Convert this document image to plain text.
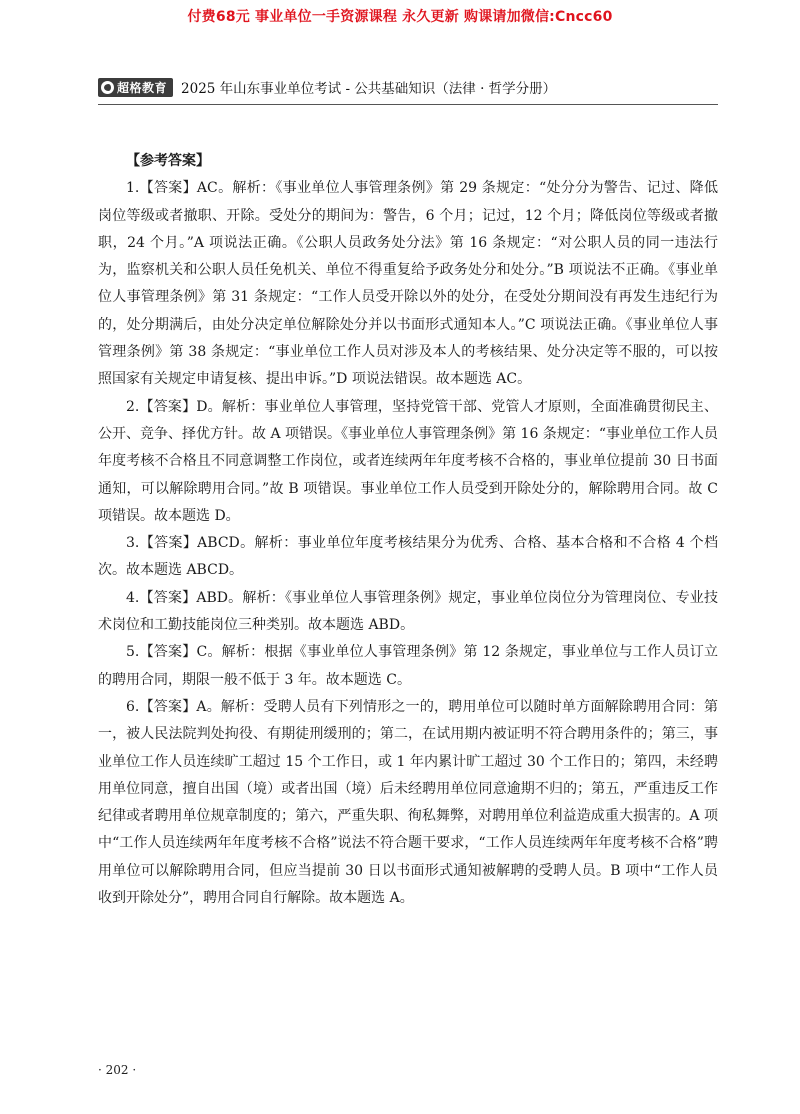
付费68元 事业单位一手资源课程 永久更新 购课请加微信:Cncc60
超格教育 2025 年山东事业单位考试 - 公共基础知识（法律 · 哲学分册）

【参考答案】

1.【答案】AC。解析：《事业单位人事管理条例》第 29 条规定：“处分分为警告、记过、降低岗位等级或者撤职、开除。受处分的期间为：警告，6 个月；记过，12 个月；降低岗位等级或者撤职，24 个月。”A 项说法正确。《公职人员政务处分法》第 16 条规定：“对公职人员的同一违法行为，监察机关和公职人员任免机关、单位不得重复给予政务处分和处分。”B 项说法不正确。《事业单位人事管理条例》第 31 条规定：“工作人员受开除以外的处分，在受处分期间没有再发生违纪行为的，处分期满后，由处分决定单位解除处分并以书面形式通知本人。”C 项说法正确。《事业单位人事管理条例》第 38 条规定：“事业单位工作人员对涉及本人的考核结果、处分决定等不服的，可以按照国家有关规定申请复核、提出申诉。”D 项说法错误。故本题选 AC。

2.【答案】D。解析：事业单位人事管理，坚持党管干部、党管人才原则，全面准确贯彻民主、公开、竞争、择优方针。故 A 项错误。《事业单位人事管理条例》第 16 条规定：“事业单位工作人员年度考核不合格且不同意调整工作岗位，或者连续两年年度考核不合格的，事业单位提前 30 日书面通知，可以解除聘用合同。”故 B 项错误。事业单位工作人员受到开除处分的，解除聘用合同。故 C 项错误。故本题选 D。

3.【答案】ABCD。解析：事业单位年度考核结果分为优秀、合格、基本合格和不合格 4 个档次。故本题选 ABCD。

4.【答案】ABD。解析：《事业单位人事管理条例》规定，事业单位岗位分为管理岗位、专业技术岗位和工勤技能岗位三种类别。故本题选 ABD。

5.【答案】C。解析：根据《事业单位人事管理条例》第 12 条规定，事业单位与工作人员订立的聘用合同，期限一般不低于 3 年。故本题选 C。

6.【答案】A。解析：受聘人员有下列情形之一的，聘用单位可以随时单方面解除聘用合同：第一，被人民法院判处拘役、有期徒刑缓刑的；第二，在试用期内被证明不符合聘用条件的；第三，事业单位工作人员连续旷工超过 15 个工作日，或 1 年内累计旷工超过 30 个工作日的；第四，未经聘用单位同意，擅自出国（境）或者出国（境）后未经聘用单位同意逾期不归的；第五，严重违反工作纪律或者聘用单位规章制度的；第六，严重失职、徇私舞弊，对聘用单位利益造成重大损害的。A 项中“工作人员连续两年年度考核不合格”说法不符合题干要求，“工作人员连续两年年度考核不合格”聘用单位可以解除聘用合同，但应当提前 30 日以书面形式通知被解聘的受聘人员。B 项中“工作人员收到开除处分”，聘用合同自行解除。故本题选 A。

· 202 ·
